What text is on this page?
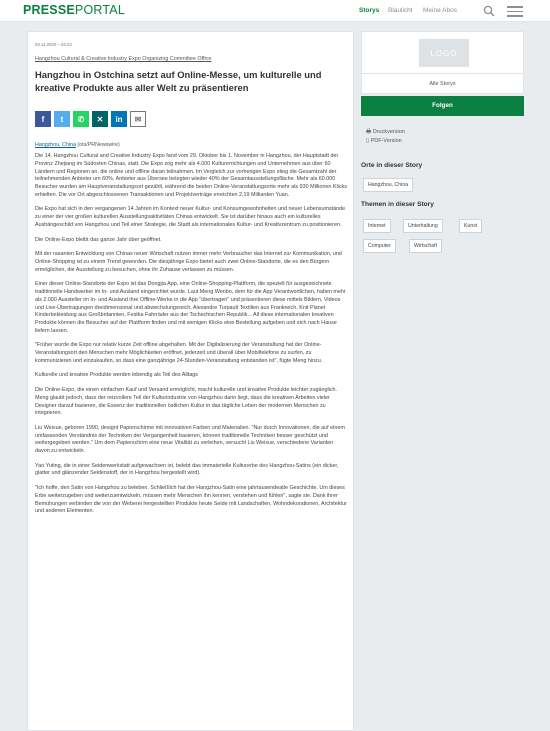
PRESSEPORTAL	Storys Blaulicht Meine Abos
03.11.2020 – 04:23
Hangzhou Cultural & Creative Industry Expo Organizing Committee Office
Hangzhou in Ostchina setzt auf Online-Messe, um kulturelle und kreative Produkte aus aller Welt zu präsentieren
f	t	✆	✕	in	✉
Hangzhou, China (ots/PRNewswire)

Die 14. Hangzhou Cultural and Creative Industry Expo fand vom 29. Oktober bis 1. November in Hangzhou, der Hauptstadt der Provinz Zhejiang im Südosten Chinas, statt. Die Expo zog mehr als 4.000 Kulturerrichtungen und Unternehmen aus über 60 Ländern und Regionen an, die online und offline daran teilnahmen. Im Vergleich zur vorherigen Expo stieg die Gesamtzahl der teilnehmenden Anbieter um 60%. Anbieter aus Übersee belegten wieder 40% der Gesamtausstellungsfläche. Mehr als 60.000 Besucher wurden am Hauptveranstaltungsort gezählt, während die beiden Online-Veranstaltungsorte mehr als 930 Millionen Klicks erhielten. Die vor Ort abgeschlossenen Transaktionen und Projektverträge erreichten 2,19 Milliarden Yuan.

Die Expo hat sich in den vergangenen 14 Jahren im Kontext neuer Kultur- und Konsumgewohnheiten und neuer Lebensumstände zu einer der vier großen kulturellen Ausstellungsaktivitäten Chinas entwickelt. Sie ist darüber hinaus auch ein kulturelles Aushängeschild von Hangzhou und Teil einer Strategie, die Stadt als internationales Kultur- und Kreativzentrum zu positionieren.

Die Online-Expo bleibt das ganze Jahr über geöffnet.

Mit der rasanten Entwicklung von Chinas neuer Wirtschaft nutzen immer mehr Verbraucher das Internet zur Kommunikation, und Online-Shopping ist zu einem Trend geworden. Die diesjährige Expo bietet auch zwei Online-Standorte, die es den Bürgern ermöglichen, die Ausstellung zu besuchen, ohne ihr Zuhause verlassen zu müssen.

Einer dieser Online-Standorte der Expo ist das Dongjia App, eine Online-Shopping-Plattform, die speziell für ausgezeichnete traditionelle Handwerker im In- und Ausland eingerichtet wurde. Laut Meng Wenbo, dem für die App Verantwortlichen, haben mehr als 2.000 Aussteller im In- und Ausland ihre Offline-Werke in die App "übertragen" und präsentieren diese mittels Bildern, Videos und Live-Übertragungen dreidimensional und abwechslungsreich. Alexandre Turpault Textilien aus Frankreich, Knit Planet Kinderbekleidung aus Großbritannien, Festka Fahrräder aus der Tschechischen Republik... All diese internationalen kreativen Produkte können die Besucher auf der Plattform finden und mit wenigen Klicks eine Bestellung aufgeben und sich nach Hause liefern lassen.

"Früher wurde die Expo nur relativ kurze Zeit offline abgehalten. Mit der Digitalisierung der Veranstaltung hat der Online-Veranstaltungsort den Menschen mehr Möglichkeiten eröffnet, jederzeit und überall über Mobiltelefone zu surfen, zu kommunizieren und einzukaufen, so dass eine ganzjährige 24-Stunden-Veranstaltung entstanden ist", fügte Meng hinzu.

Kulturelle und kreative Produkte werden lebendig als Teil des Alltags

Die Online-Expo, die einen einfachen Kauf und Versand ermöglicht, macht kulturelle und kreative Produkte leichter zugänglich. Meng glaubt jedoch, dass der reizvollere Teil der Kulturindustrie von Hangzhou darin liegt, dass die kreativen Arbeiten vieler Designer darauf basieren, die Essenz der traditionellen östlichen Kultur in das tägliche Leben der modernen Menschen zu integrieren.

Liu Weixue, geboren 1990, designt Papierschirme mit innovativen Farben und Materialien. "Nur durch Innovationen, die auf einem umfassenden Verständnis der Techniken der Vergangenheit basieren, können traditionelle Techniken besser geschützt und weitergegeben werden." Um dem Papierschirm eine neue Vitalität zu verleihen, versucht Liu Weixue, verschiedene Varianten davon zu entwickeln.

Yao Yuting, die in einer Seidenwerkstatt aufgewachsen ist, belebt das immaterielle Kulturerbe des Hangzhou-Satins (ein dicker, glatter und glänzender Seidenstoff, der in Hangzhou hergestellt wird).

"Ich hoffe, den Satin von Hangzhou zu beleben. Schließlich hat der Hangzhou-Satin eine jahrtausendealte Geschichte. Um dieses Erbe weiterzugeben und weiterzuentwickeln, müssen mehr Menschen ihn kennen, verstehen und fühlen", sagte sie. Dank ihrer Bemühungen verbinden die von der Weberei hergestellten Produkte heute Seide mit Landschaften, Wohndekorationen, Architektur und anderen Elementen.

LOGO
Alle Storys
Folgen
🖶 Druckversion
▯ PDF-Version
Orte in dieser Story
Hangzhou, China
Themen in dieser Story
Internet	Unterhaltung	Kunst
Computer	Wirtschaft
